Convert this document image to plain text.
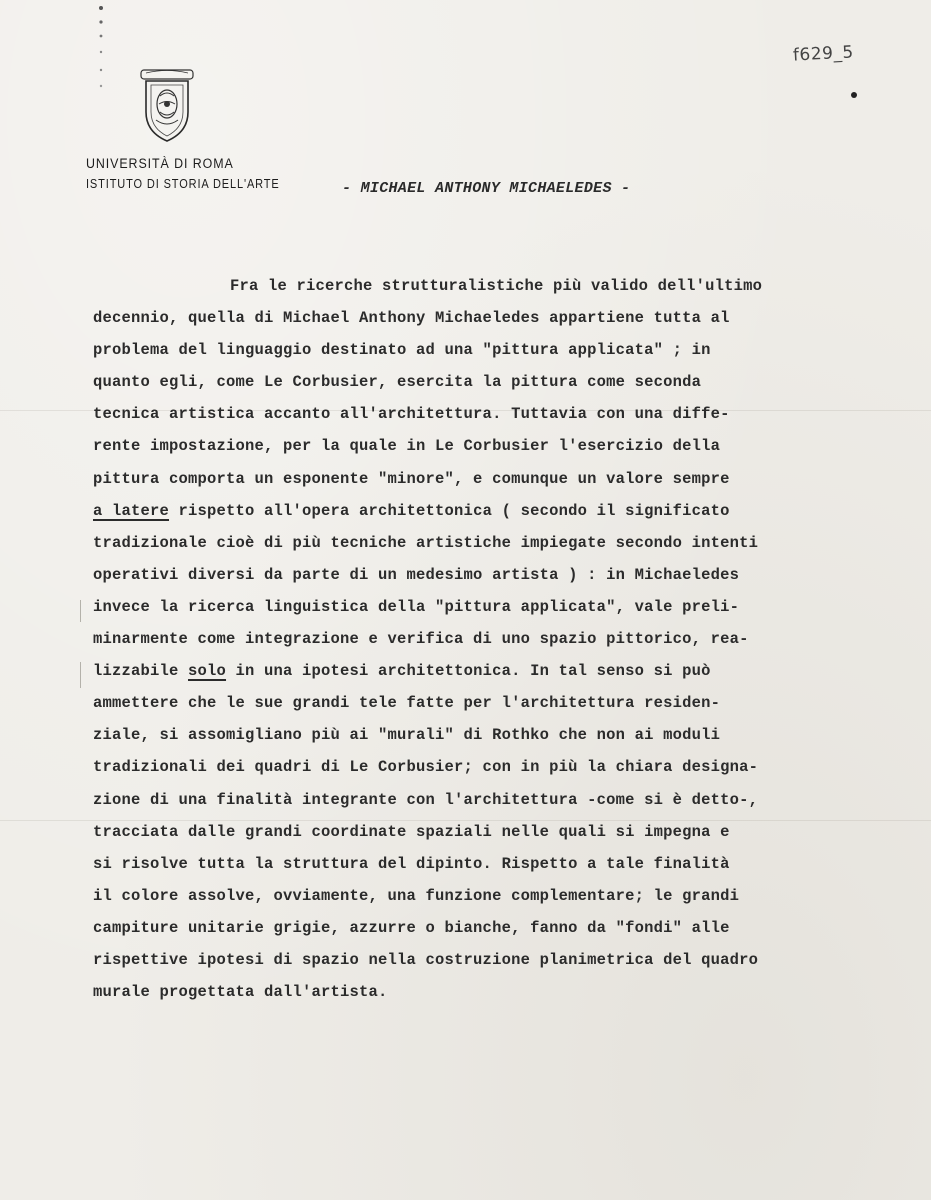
UNIVERSITÀ DI ROMA
ISTITUTO DI STORIA DELL'ARTE
f629_5
- MICHAEL ANTHONY MICHAELEDES -
Fra le ricerche strutturalistiche più valido dell'ultimo
decennio, quella di Michael Anthony Michaeledes appartiene tutta al
problema del linguaggio destinato ad una "pittura applicata" ; in
quanto egli, come Le Corbusier, esercita la pittura come seconda
tecnica artistica accanto all'architettura. Tuttavia con una diffe-
rente impostazione, per la quale in Le Corbusier l'esercizio della
pittura comporta un esponente "minore", e comunque un valore sempre
a latere rispetto all'opera architettonica ( secondo il significato
tradizionale cioè di più tecniche artistiche impiegate secondo intenti
operativi diversi da parte di un medesimo artista ) : in Michaeledes
invece la ricerca linguistica della "pittura applicata", vale preli-
minarmente come integrazione e verifica di uno spazio pittorico, rea-
lizzabile solo in una ipotesi architettonica. In tal senso si può
ammettere che le sue grandi tele fatte per l'architettura residen-
ziale, si assomigliano più ai "murali" di Rothko che non ai moduli
tradizionali dei quadri di Le Corbusier; con in più la chiara designa-
zione di una finalità integrante con l'architettura -come si è detto-,
tracciata dalle grandi coordinate spaziali nelle quali si impegna e
si risolve tutta la struttura del dipinto. Rispetto a tale finalità
il colore assolve, ovviamente, una funzione complementare; le grandi
campiture unitarie grigie, azzurre o bianche, fanno da "fondi" alle
rispettive ipotesi di spazio nella costruzione planimetrica del quadro
murale progettata dall'artista.
